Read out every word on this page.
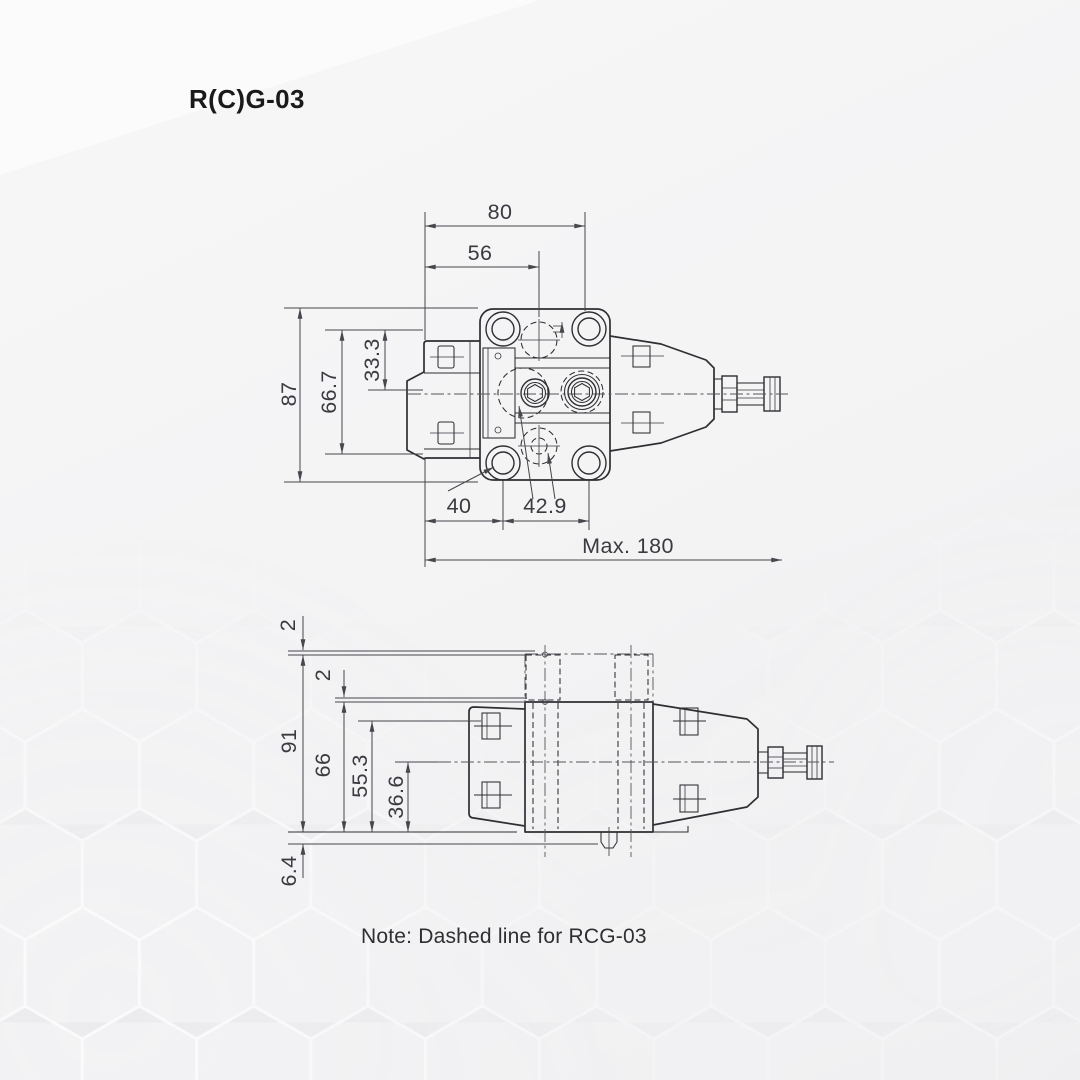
80
56
87 66.7
33.3
40 42.9
Max. 180
2
91
2
66 55.3 36.6
6.4
R(C)G-03
Note: Dashed line for RCG-03
